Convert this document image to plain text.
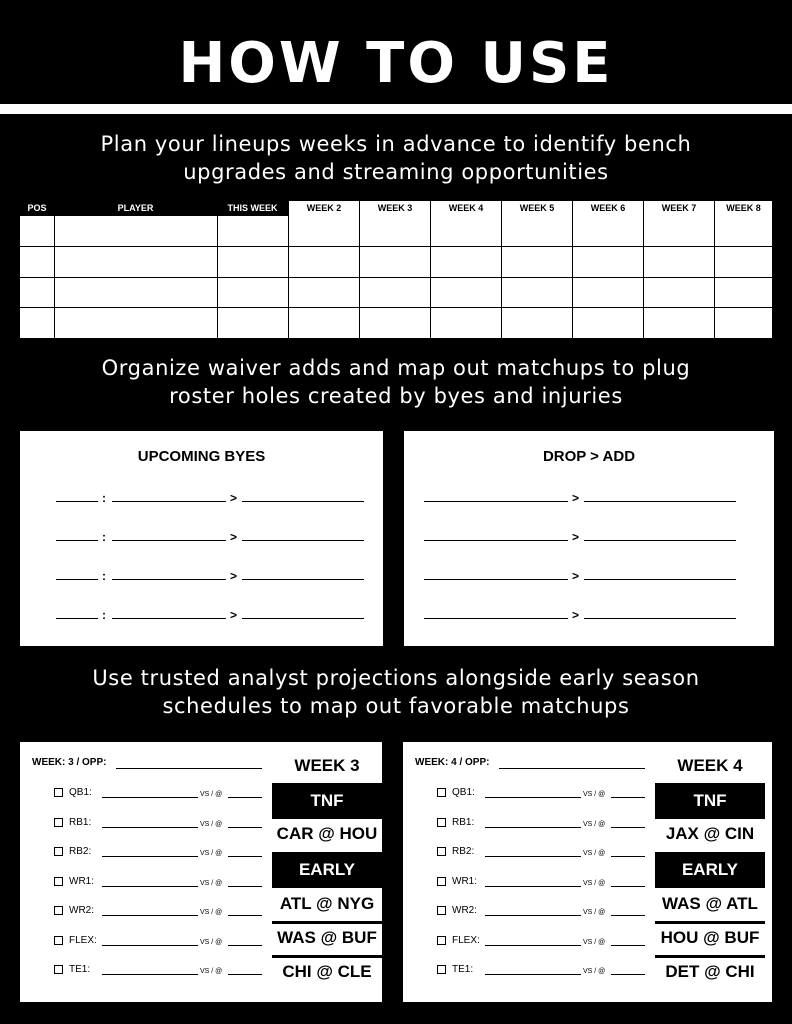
HOW TO USE
Plan your lineups weeks in advance to identify bench
upgrades and streaming opportunities
POS	PLAYER	THIS WEEK	WEEK 2	WEEK 3	WEEK 4	WEEK 5	WEEK 6	WEEK 7	WEEK 8
Organize waiver adds and map out matchups to plug
roster holes created by byes and injuries
UPCOMING BYES
:	>
:	>
:	>
:	>
DROP > ADD
>
>
>
>
Use trusted analyst projections alongside early season
schedules to map out favorable matchups
WEEK: 3 / OPP:
QB1:	VS / @
RB1:	VS / @
RB2:	VS / @
WR1:	VS / @
WR2:	VS / @
FLEX:	VS / @
TE1:	VS / @
WEEK 3
TNF
CAR @ HOU
EARLY
ATL @ NYG
WAS @ BUF
CHI @ CLE
WEEK: 4 / OPP:
QB1:	VS / @
RB1:	VS / @
RB2:	VS / @
WR1:	VS / @
WR2:	VS / @
FLEX:	VS / @
TE1:	VS / @
WEEK 4
TNF
JAX @ CIN
EARLY
WAS @ ATL
HOU @ BUF
DET @ CHI
